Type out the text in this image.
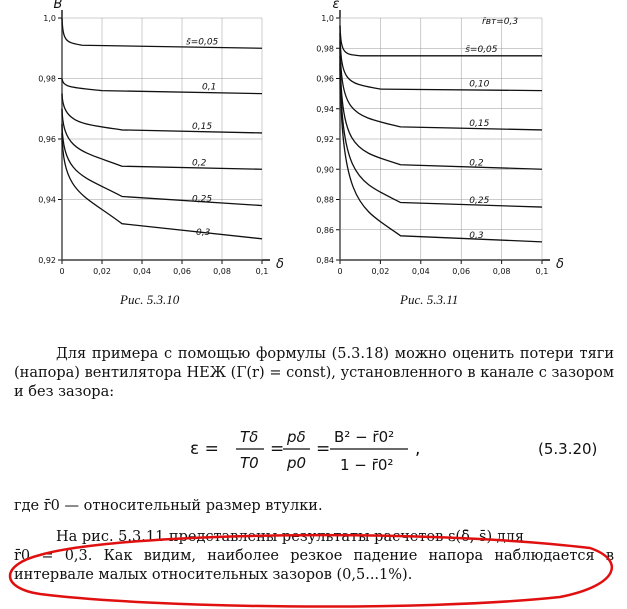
1,0
0,98
0,96
0,94
0,92
0	0,02	0,04	0,06	0,08	0,1
B
δ
s̄=0,05
0,1
0,15
0,2
0,25
0,3
1,0
0,98
0,96
0,94
0,92
0,90
0,88
0,86
0,84
0	0,02	0,04	0,06	0,08	0,1
ε
δ
s̄=0,05
0,10
0,15
0,2
0,25
0,3
r̄вт=0,3
Рис. 5.3.10	Рис. 5.3.11
Для примера с помощью формулы (5.3.18) можно оценить потери тяги (напора) вентилятора НЕЖ (Γ(r) = const), установленного в канале с зазором и без зазора:
ε =
Tδ
T0
=
pδ
p0
=
B² − r̄0²
1 − r̄0²
,	(5.3.20)
где r̄0 — относительный размер втулки.
На рис. 5.3.11 представлены результаты расчетов ε(δ̄, s̄) для
r̄0 = 0,3. Как видим, наиболее резкое падение напора наблюдается в интервале малых относительных зазоров (0,5...1%).
